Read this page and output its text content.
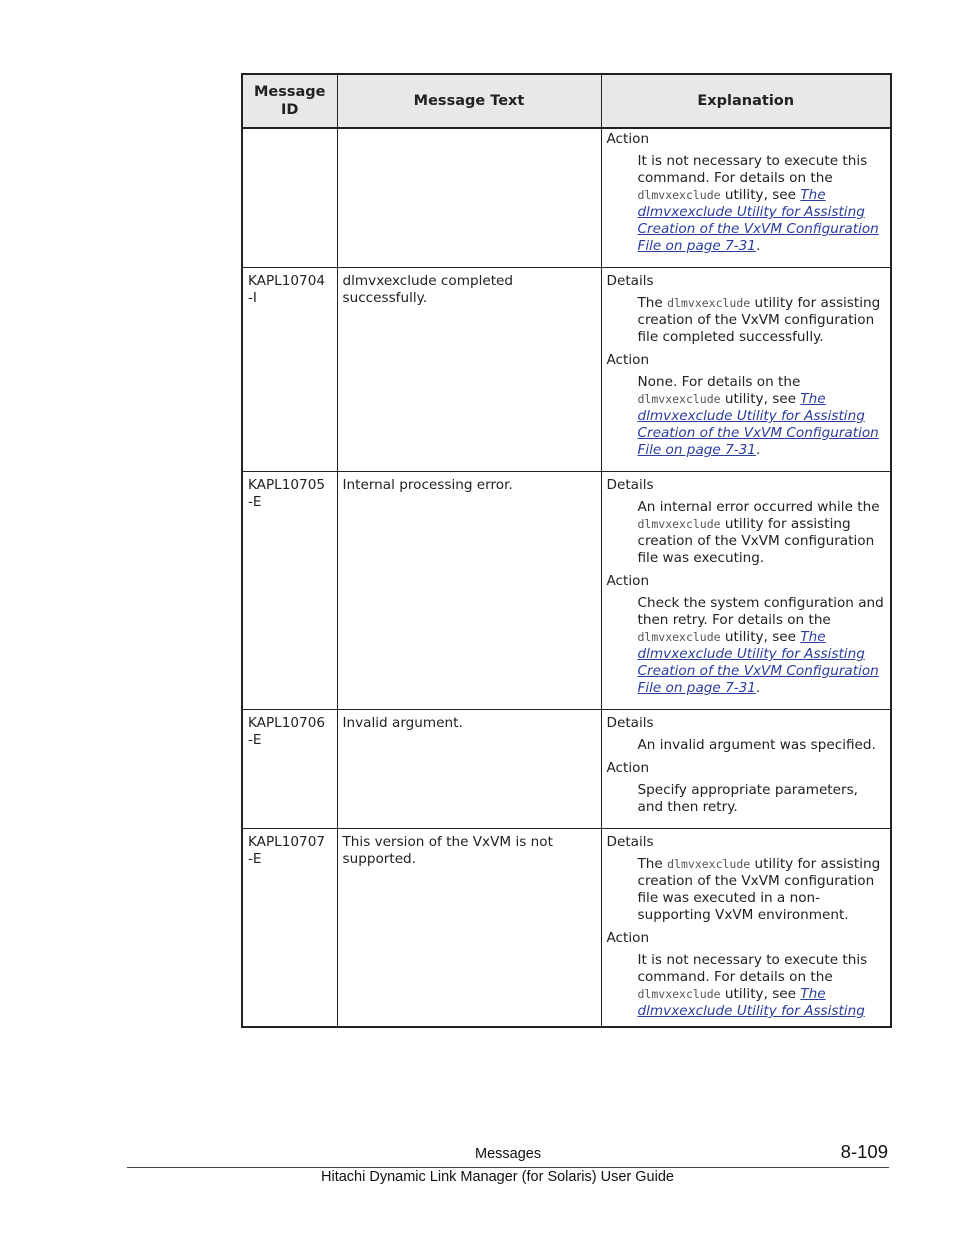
Message ID	Message Text	Explanation

		Action
It is not necessary to execute this command. For details on the dlmvxexclude utility, see The dlmvxexclude Utility for Assisting Creation of the VxVM Configuration File on page 7-31.

KAPL10704 -I	dlmvxexclude completed successfully.	Details
The dlmvxexclude utility for assisting creation of the VxVM configuration file completed successfully.
Action
None. For details on the dlmvxexclude utility, see The dlmvxexclude Utility for Assisting Creation of the VxVM Configuration File on page 7-31.

KAPL10705 -E	Internal processing error.	Details
An internal error occurred while the dlmvxexclude utility for assisting creation of the VxVM configuration file was executing.
Action
Check the system configuration and then retry. For details on the dlmvxexclude utility, see The dlmvxexclude Utility for Assisting Creation of the VxVM Configuration File on page 7-31.

KAPL10706 -E	Invalid argument.	Details
An invalid argument was specified.
Action
Specify appropriate parameters, and then retry.

KAPL10707 -E	This version of the VxVM is not supported.	Details
The dlmvxexclude utility for assisting creation of the VxVM configuration file was executed in a non-supporting VxVM environment.
Action
It is not necessary to execute this command. For details on the dlmvxexclude utility, see The dlmvxexclude Utility for Assisting
Messages	8-109
Hitachi Dynamic Link Manager (for Solaris) User Guide
